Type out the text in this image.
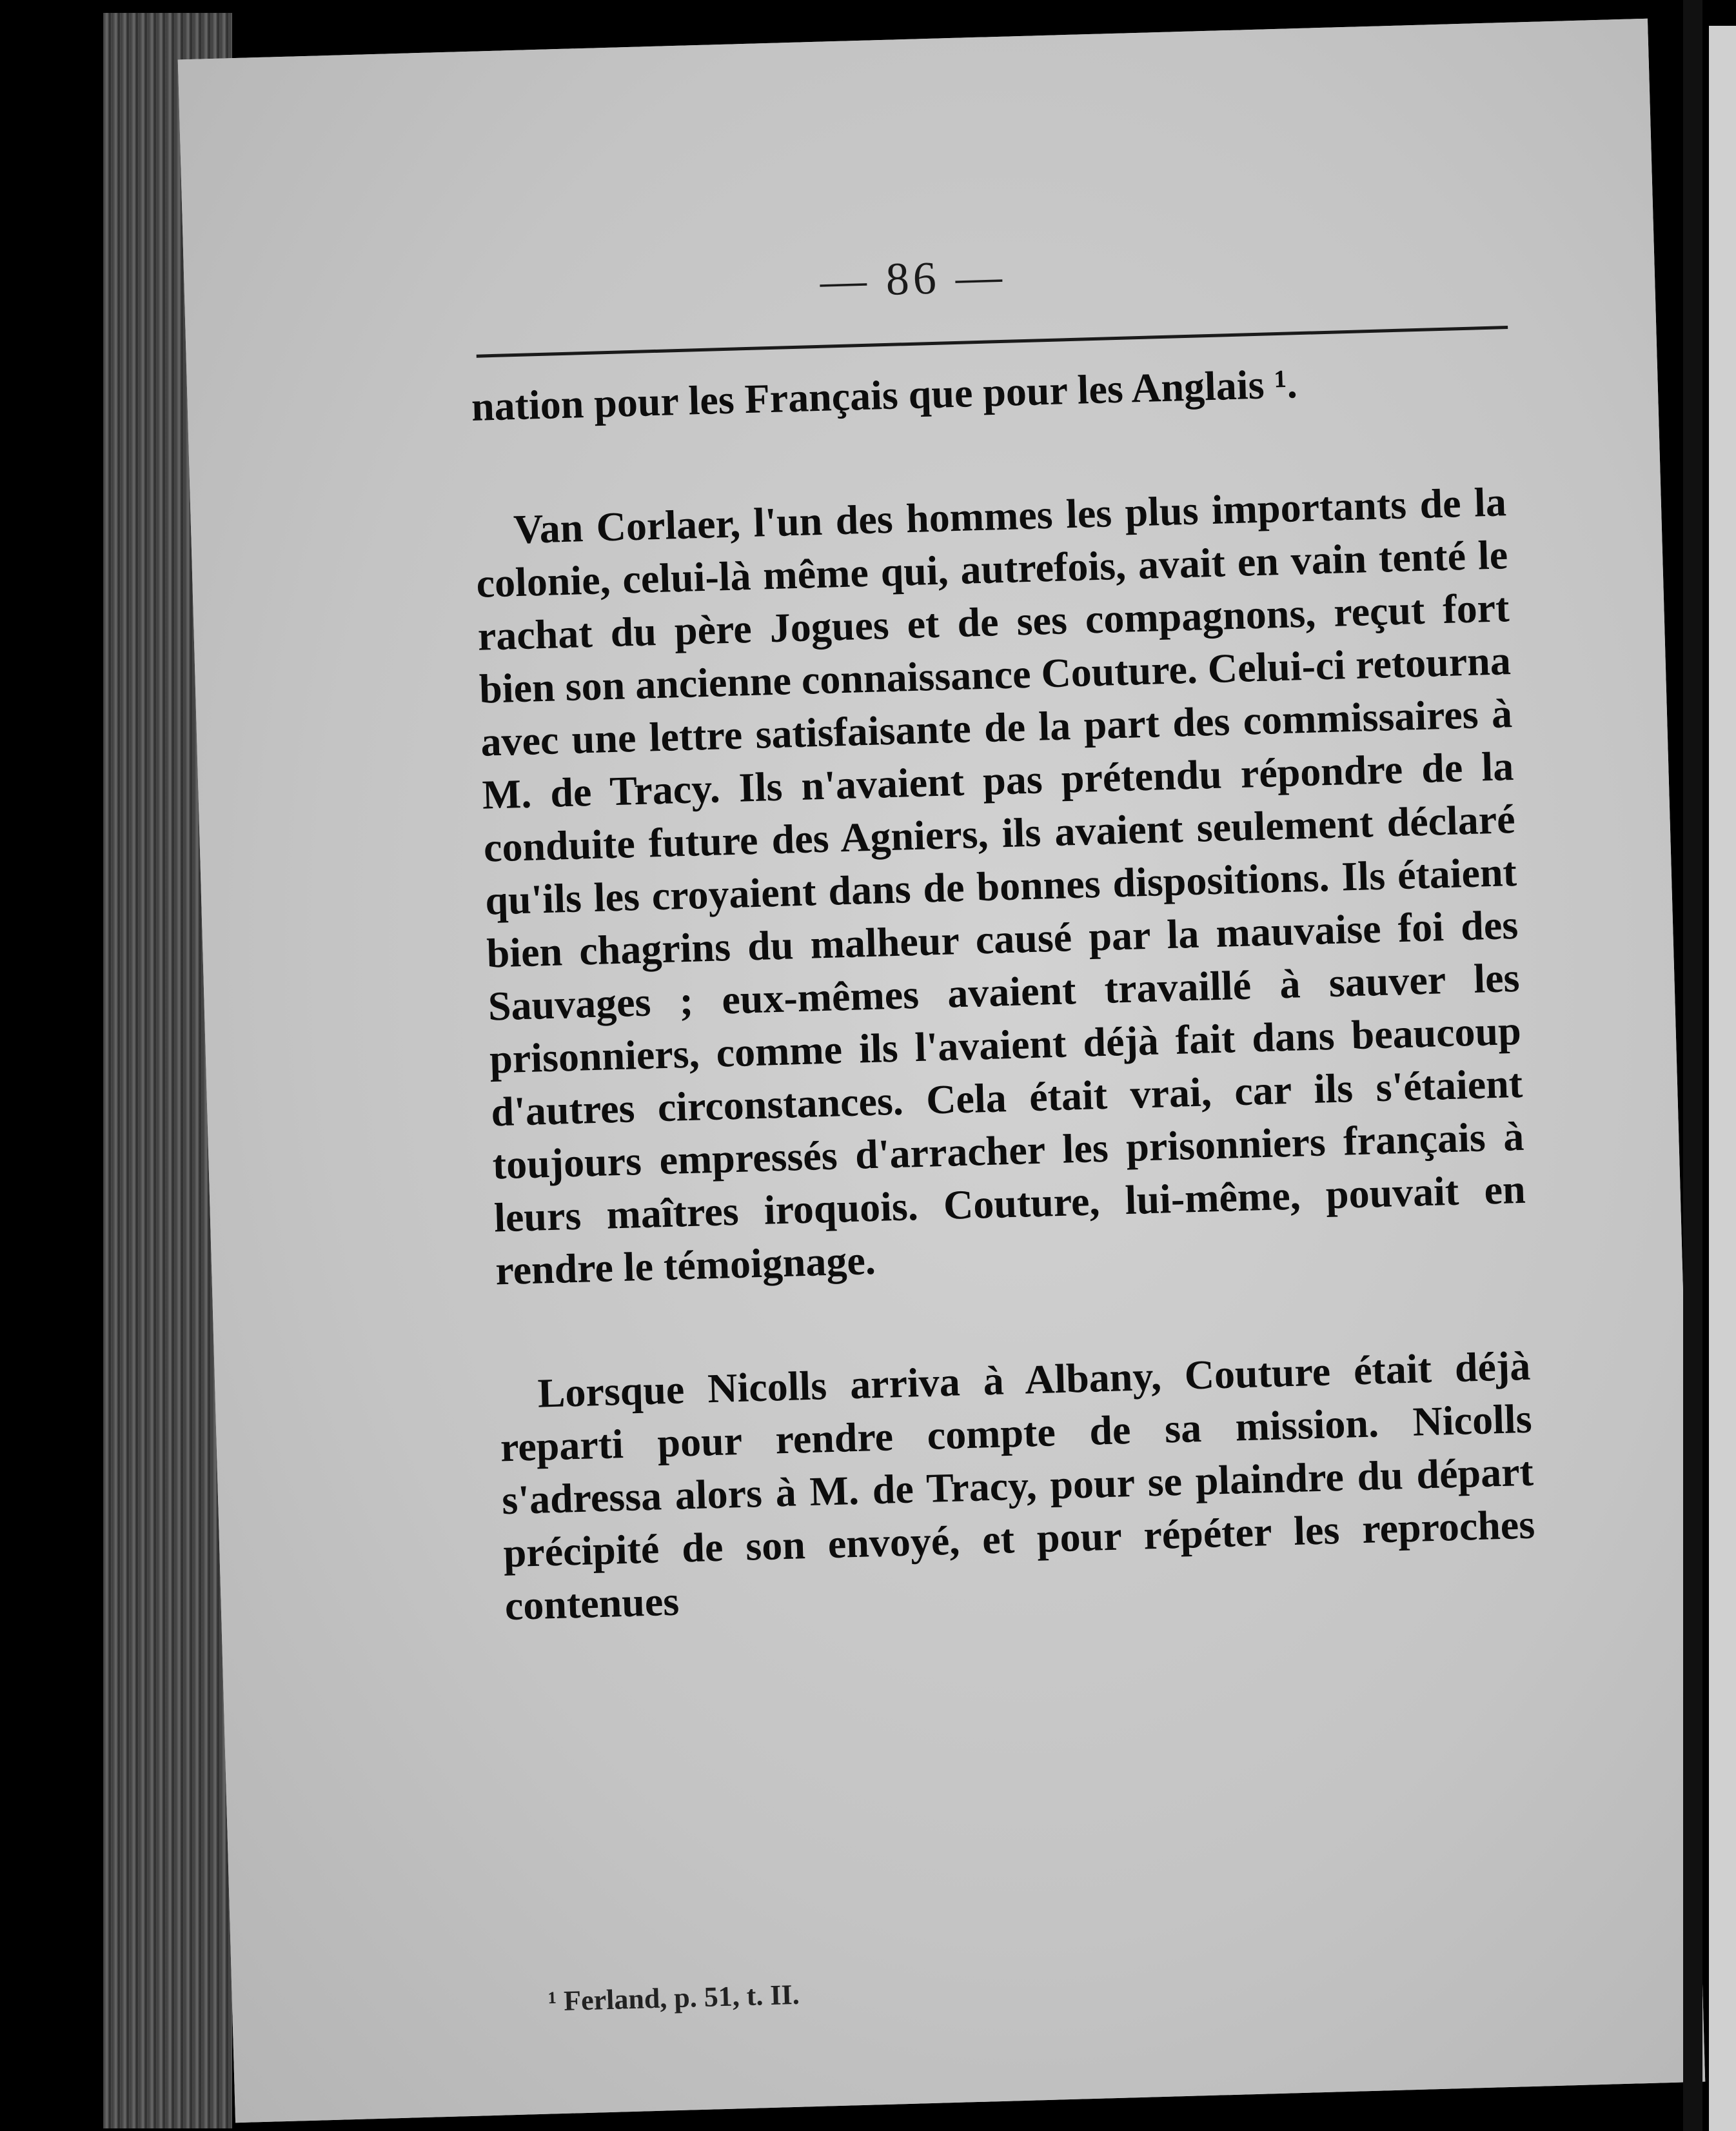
— 86 —

nation pour les Français que pour les Anglais ¹.

Van Corlaer, l'un des hommes les plus importants de la colonie, celui-là même qui, autrefois, avait en vain tenté le rachat du père Jogues et de ses compagnons, reçut fort bien son ancienne connaissance Couture. Celui-ci retourna avec une lettre satisfaisante de la part des commissaires à M. de Tracy. Ils n'avaient pas prétendu répondre de la conduite future des Agniers, ils avaient seulement déclaré qu'ils les croyaient dans de bonnes dispositions. Ils étaient bien chagrins du malheur causé par la mauvaise foi des Sauvages ; eux-mêmes avaient travaillé à sauver les prisonniers, comme ils l'avaient déjà fait dans beaucoup d'autres circonstances. Cela était vrai, car ils s'étaient toujours empressés d'arracher les prisonniers français à leurs maîtres iroquois. Couture, lui-même, pouvait en rendre le témoignage.

Lorsque Nicolls arriva à Albany, Couture était déjà reparti pour rendre compte de sa mission. Nicolls s'adressa alors à M. de Tracy, pour se plaindre du départ précipité de son envoyé, et pour répéter les reproches contenues

¹ Ferland, p. 51, t. II.
